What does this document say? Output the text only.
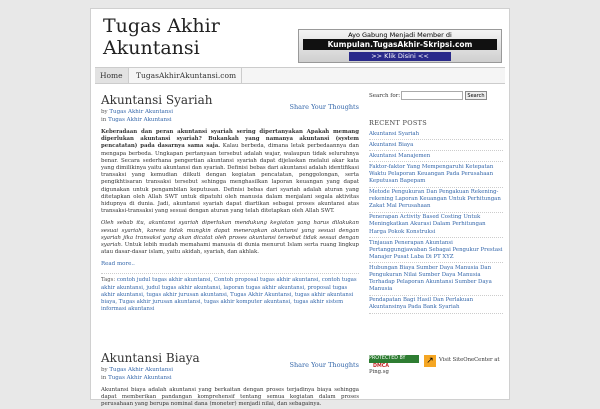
Tugas Akhir Akuntansi
Ayo Gabung Menjadi Member di
Kumpulan.TugasAkhir-Skripsi.com
>> Klik Disini <<
Home	TugasAkhirAkuntansi.com
Akuntansi Syariah
by Tugas Akhir Akuntansi
in Tugas Akhir Akuntansi
Share Your Thoughts

Keberadaan dan peran akuntansi syariah sering dipertanyakan Apakah memang diperlukan akuntansi syariah? Bukankah yang namanya akuntansi (system pencatatan) pada dasarnya sama saja. Kalau berbeda, dimana letak perbedaannya dan mengapa berbeda. Ungkapan pertanyaan tersebut adalah wajar, walaupun tidak seluruhnya benar. Secara sederhana pengertian akuntansi syariah dapat dijelaskan melalui akar kata yang dimilikinya yaitu akuntansi dan syariah. Definisi bebas dari akuntansi adalah identifikasi transaksi yang kemudian diikuti dengan kegiatan pencatatan, penggolongan, serta pengikhtisaran transaksi tersebut sehingga menghasilkan laporan keuangan yang dapat digunakan untuk pengambilan keputusan. Definisi bebas dari syariah adalah aturan yang ditetapkan oleh Allah SWT untuk dipatuhi oleh manusia dalam menjalani segala aktivitas hidupnya di dunia. Jadi, akuntansi syariah dapat diartikan sebagai proses akuntansi atas transaksi-transaksi yang sesuai dengan aturan yang telah ditetapkan oleh Allah SWT.

Oleh sebab itu, akuntansi syariah diperlukan mendukung kegiatan yang harus dilakukan sesuai syariah, karena tidak mungkin dapat menerapkan akuntansi yang sesuai dengan syariah jika transaksi yang akan dicatat oleh proses akuntansi tersebut tidak sesuai dengan syariah. Untuk lebih mudah memahami manusia di dunia menurut Islam serta ruang lingkup atau dasar-dasar islam, yaitu akidah, syariah, dan akhlak.

Read more..
Tags: contoh judul tugas akhir akuntansi, Contoh proposal tugas akhir akuntansi, contoh tugas akhir akuntansi, judul tugas akhir akuntansi, laporan tugas akhir akuntansi, proposal tugas akhir akuntansi, tugas akhir jurusan akuntansi, Tugas Akhir Akuntansi, tugas akhir akuntansi biaya, Tugas akhir jurusan akuntansi, tugas akhir komputer akuntansi, tugas akhir sistem informasi akuntansi
Akuntansi Biaya
by Tugas Akhir Akuntansi
in Tugas Akhir Akuntansi
Share Your Thoughts
Akuntansi biaya adalah akuntansi yang berkaitan dengan proses terjadinya biaya sehingga dapat memberikan pandangan komprehensif tentang semua kegiatan dalam proses perusahaan yang berupa nominal dana (moneter) menjadi nilai, dan sebagainya.
Search for:	Search
RECENT POSTS
Akuntansi Syariah
Akuntansi Biaya
Akuntansi Manajemen
Faktor-faktor Yang Mempengaruhi Ketepatan Waktu Pelaporan Keuangan Pada Perusahaan Keputusan Bapepam
Metode Pengukuran Dan Pengakuan Rekening-rekening Laporan Keuangan Untuk Perhitungan Zakat Mal Perusahaan
Penerapan Activity Based Costing Untuk Meningkatkan Akurasi Dalam Perhitungan Harga Pokok Konstruksi
Tinjauan Penerapan Akuntansi Pertanggungjawaban Sebagai Pengukur Prestasi Manajer Pusat Laba Di PT XYZ
Hubungan Biaya Sumber Daya Manusia Dan Pengukuran Nilai Sumber Daya Manusia Terhadap Pelaporan Akuntansi Sumber Daya Manusia
Pendapatan Bagi Hasil Dan Perlakuan Akuntansinya Pada Bank Syariah
PROTECTED BYDMCA
↗ Visit SiteOneCenter at
Ping.sg
